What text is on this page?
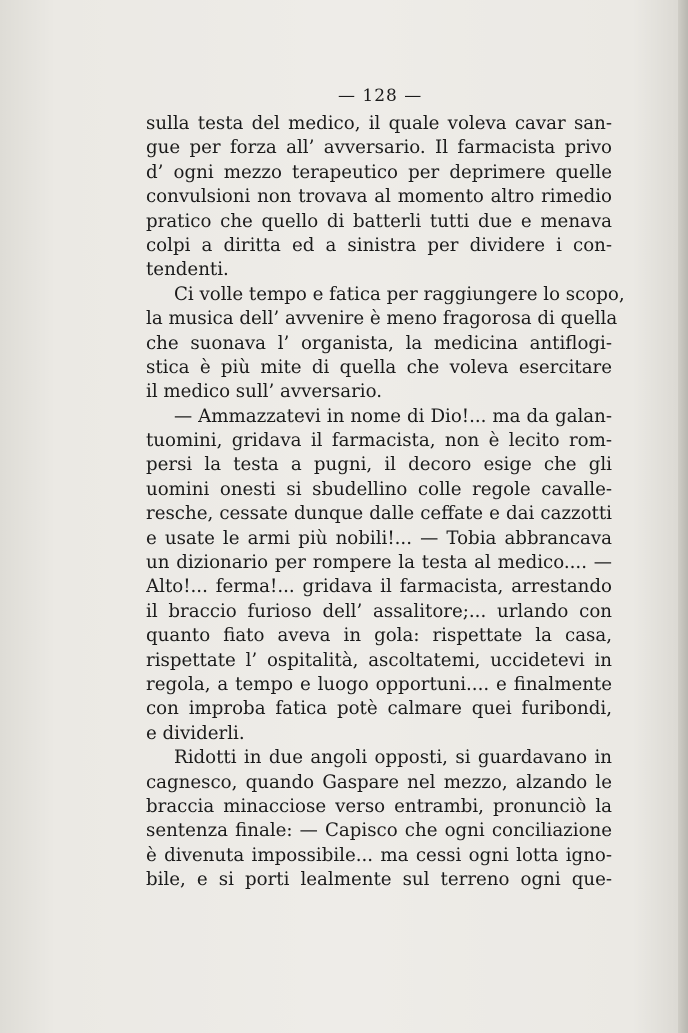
— 128 —
sulla testa del medico, il quale voleva cavar san-
gue per forza all’ avversario. Il farmacista privo
d’ ogni mezzo terapeutico per deprimere quelle
convulsioni non trovava al momento altro rimedio
pratico che quello di batterli tutti due e menava
colpi a diritta ed a sinistra per dividere i con-
tendenti.
Ci volle tempo e fatica per raggiungere lo scopo,
la musica dell’ avvenire è meno fragorosa di quella
che suonava l’ organista, la medicina antiflogi-
stica è più mite di quella che voleva esercitare
il medico sull’ avversario.
— Ammazzatevi in nome di Dio!... ma da galan-
tuomini, gridava il farmacista, non è lecito rom-
persi la testa a pugni, il decoro esige che gli
uomini onesti si sbudellino colle regole cavalle-
resche, cessate dunque dalle ceffate e dai cazzotti
e usate le armi più nobili!... — Tobia abbrancava
un dizionario per rompere la testa al medico.... —
Alto!... ferma!... gridava il farmacista, arrestando
il braccio furioso dell’ assalitore;... urlando con
quanto fiato aveva in gola: rispettate la casa,
rispettate l’ ospitalità, ascoltatemi, uccidetevi in
regola, a tempo e luogo opportuni.... e finalmente
con improba fatica potè calmare quei furibondi,
e dividerli.
Ridotti in due angoli opposti, si guardavano in
cagnesco, quando Gaspare nel mezzo, alzando le
braccia minacciose verso entrambi, pronunciò la
sentenza finale: — Capisco che ogni conciliazione
è divenuta impossibile... ma cessi ogni lotta igno-
bile, e si porti lealmente sul terreno ogni que-
